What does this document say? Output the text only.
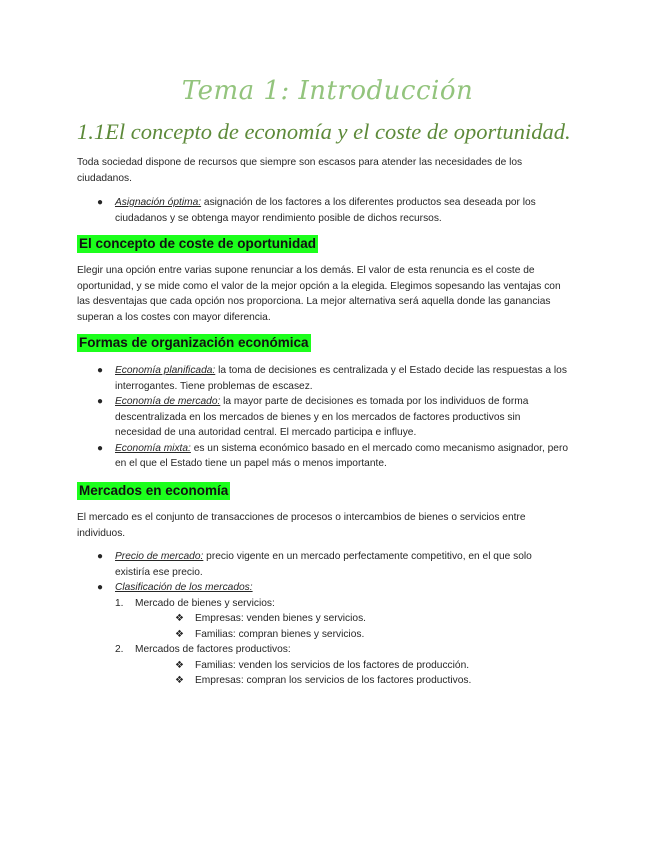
Tema 1: Introducción
1.1El concepto de economía y el coste de oportunidad.
Toda sociedad dispone de recursos que siempre son escasos para atender las necesidades de los ciudadanos.
● Asignación óptima: asignación de los factores a los diferentes productos sea deseada por los ciudadanos y se obtenga mayor rendimiento posible de dichos recursos.
El concepto de coste de oportunidad
Elegir una opción entre varias supone renunciar a los demás. El valor de esta renuncia es el coste de oportunidad, y se mide como el valor de la mejor opción a la elegida. Elegimos sopesando las ventajas con las desventajas que cada opción nos proporciona. La mejor alternativa será aquella donde las ganancias superan a los costes con mayor diferencia.
Formas de organización económica
● Economía planificada: la toma de decisiones es centralizada y el Estado decide las respuestas a los interrogantes. Tiene problemas de escasez.
● Economía de mercado: la mayor parte de decisiones es tomada por los individuos de forma descentralizada en los mercados de bienes y en los mercados de factores productivos sin necesidad de una autoridad central. El mercado participa e influye.
● Economía mixta: es un sistema económico basado en el mercado como mecanismo asignador, pero en el que el Estado tiene un papel más o menos importante.
Mercados en economía
El mercado es el conjunto de transacciones de procesos o intercambios de bienes o servicios entre individuos.
● Precio de mercado: precio vigente en un mercado perfectamente competitivo, en el que solo existiría ese precio.
● Clasificación de los mercados:
1. Mercado de bienes y servicios:
❖ Empresas: venden bienes y servicios.
❖ Familias: compran bienes y servicios.
2. Mercados de factores productivos:
❖ Familias: venden los servicios de los factores de producción.
❖ Empresas: compran los servicios de los factores productivos.
